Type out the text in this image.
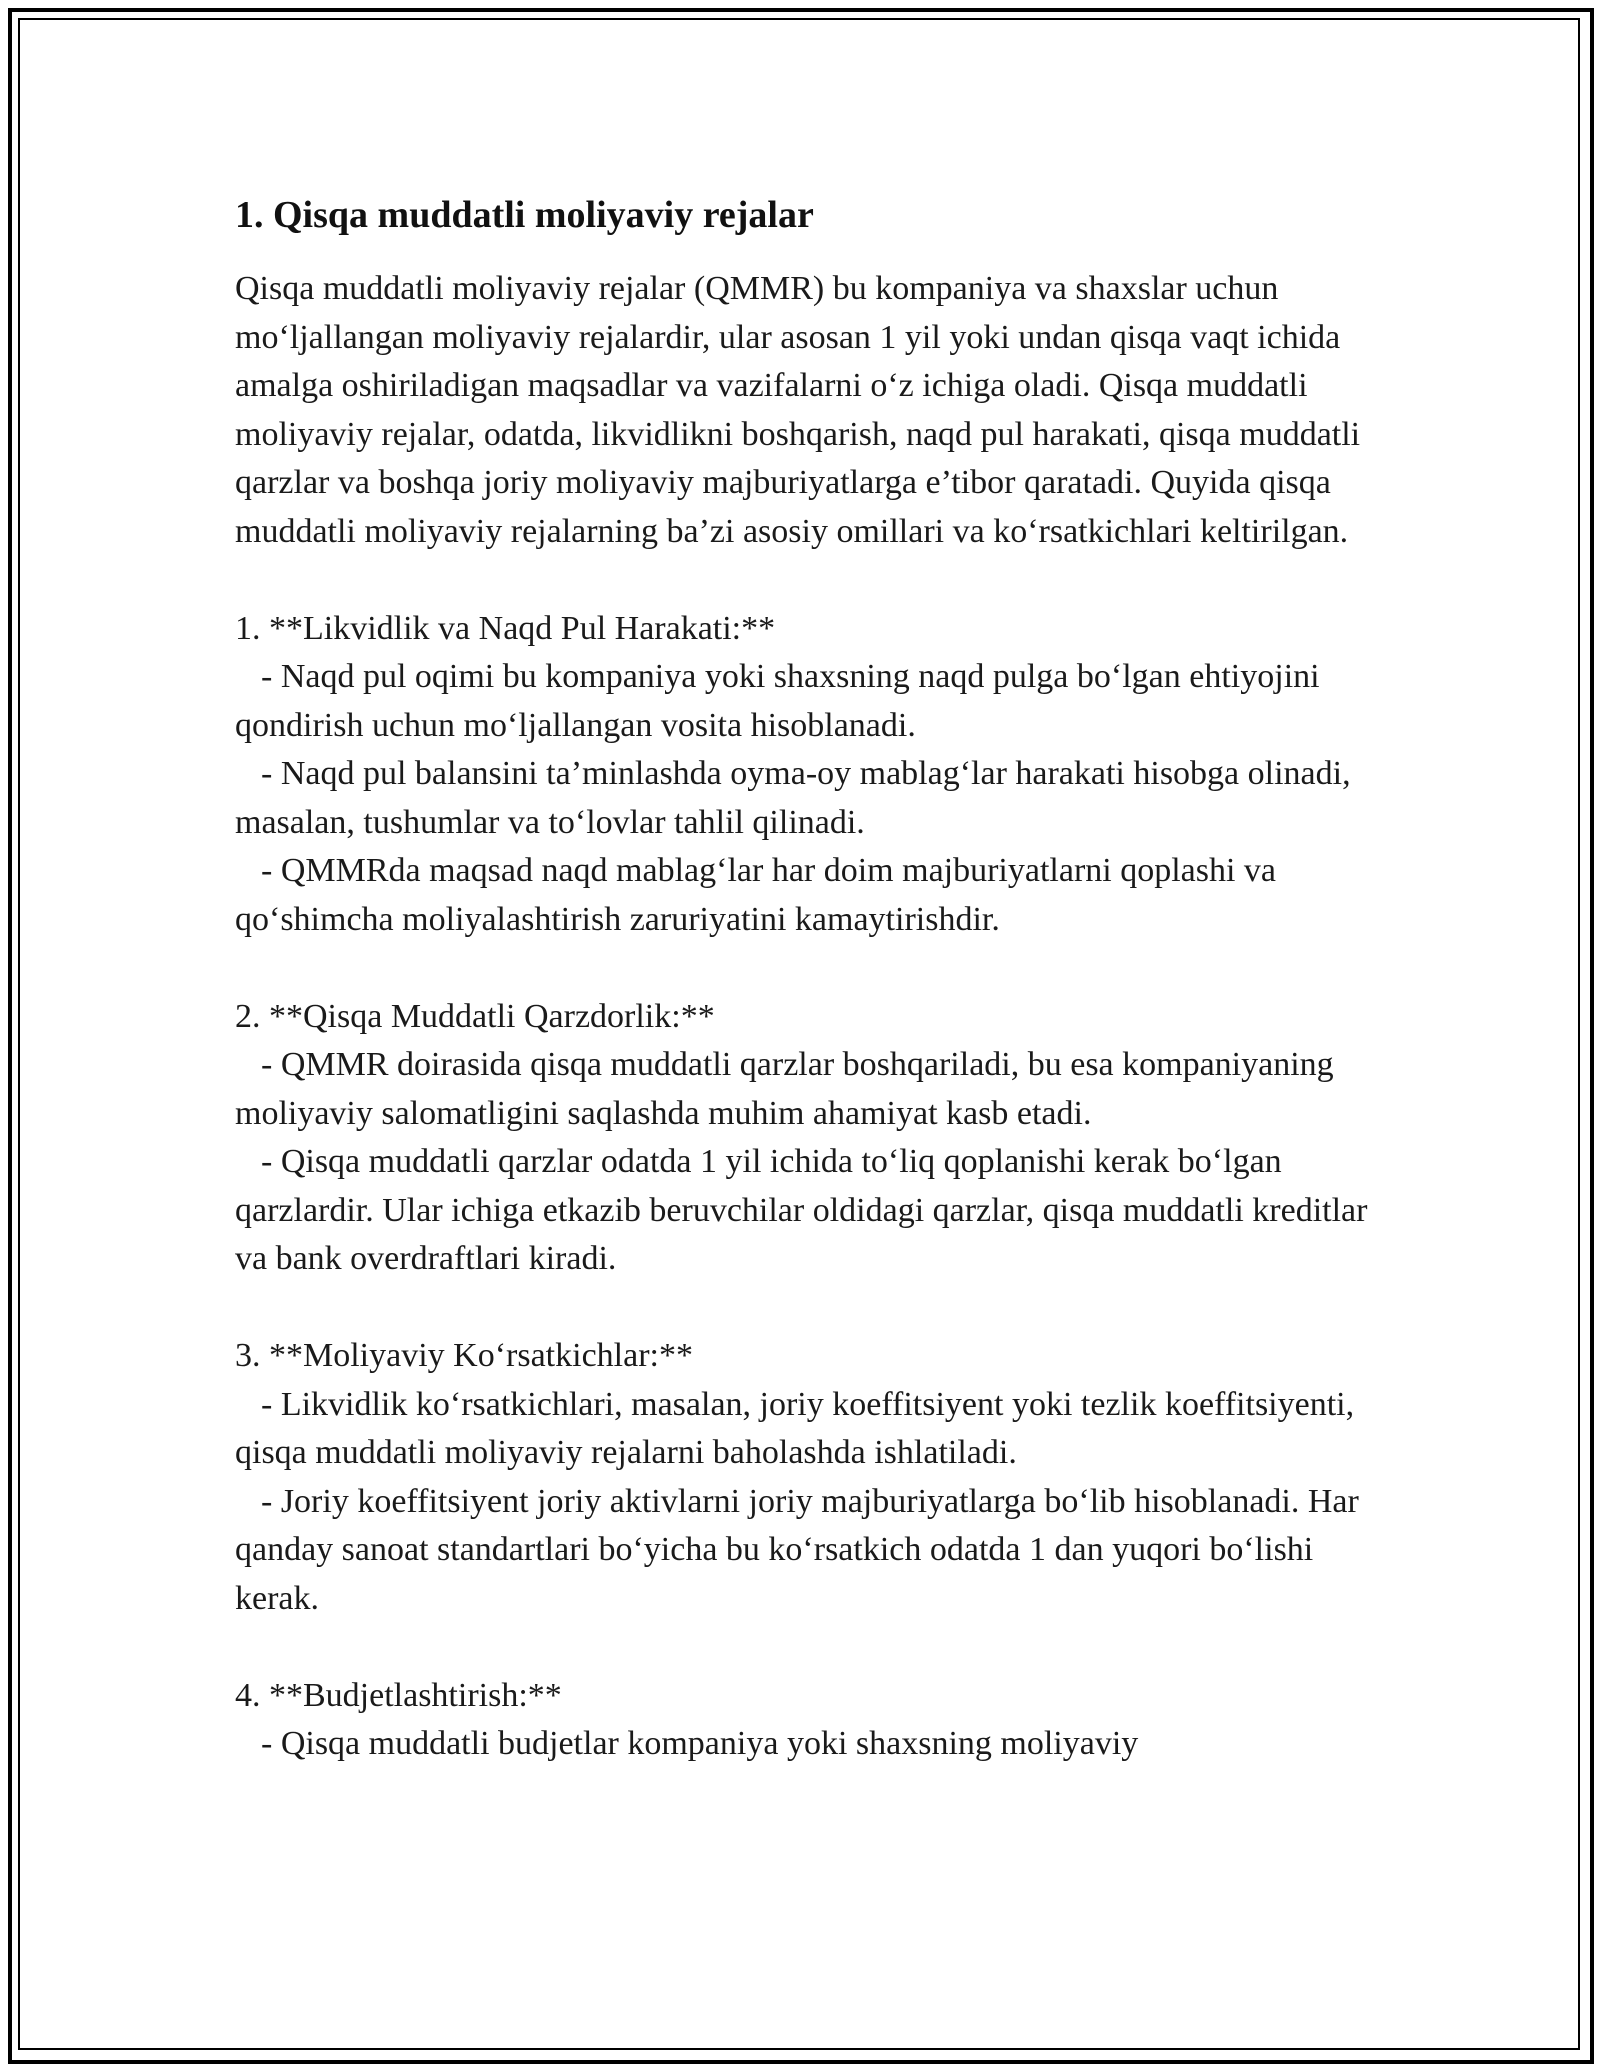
1. Qisqa muddatli moliyaviy rejalar

Qisqa muddatli moliyaviy rejalar (QMMR) bu kompaniya va shaxslar uchun mo‘ljallangan moliyaviy rejalardir, ular asosan 1 yil yoki undan qisqa vaqt ichida amalga oshiriladigan maqsadlar va vazifalarni o‘z ichiga oladi. Qisqa muddatli moliyaviy rejalar, odatda, likvidlikni boshqarish, naqd pul harakati, qisqa muddatli qarzlar va boshqa joriy moliyaviy majburiyatlarga e’tibor qaratadi. Quyida qisqa muddatli moliyaviy rejalarning ba’zi asosiy omillari va ko‘rsatkichlari keltirilgan.

1. **Likvidlik va Naqd Pul Harakati:**

- Naqd pul oqimi bu kompaniya yoki shaxsning naqd pulga bo‘lgan ehtiyojini qondirish uchun mo‘ljallangan vosita hisoblanadi.

- Naqd pul balansini ta’minlashda oyma-oy mablag‘lar harakati hisobga olinadi, masalan, tushumlar va to‘lovlar tahlil qilinadi.

- QMMRda maqsad naqd mablag‘lar har doim majburiyatlarni qoplashi va qo‘shimcha moliyalashtirish zaruriyatini kamaytirishdir.

2. **Qisqa Muddatli Qarzdorlik:**

- QMMR doirasida qisqa muddatli qarzlar boshqariladi, bu esa kompaniyaning moliyaviy salomatligini saqlashda muhim ahamiyat kasb etadi.

- Qisqa muddatli qarzlar odatda 1 yil ichida to‘liq qoplanishi kerak bo‘lgan qarzlardir. Ular ichiga etkazib beruvchilar oldidagi qarzlar, qisqa muddatli kreditlar va bank overdraftlari kiradi.

3. **Moliyaviy Ko‘rsatkichlar:**

- Likvidlik ko‘rsatkichlari, masalan, joriy koeffitsiyent yoki tezlik koeffitsiyenti, qisqa muddatli moliyaviy rejalarni baholashda ishlatiladi.

- Joriy koeffitsiyent joriy aktivlarni joriy majburiyatlarga bo‘lib hisoblanadi. Har qanday sanoat standartlari bo‘yicha bu ko‘rsatkich odatda 1 dan yuqori bo‘lishi kerak.

4. **Budjetlashtirish:**

- Qisqa muddatli budjetlar kompaniya yoki shaxsning moliyaviy
